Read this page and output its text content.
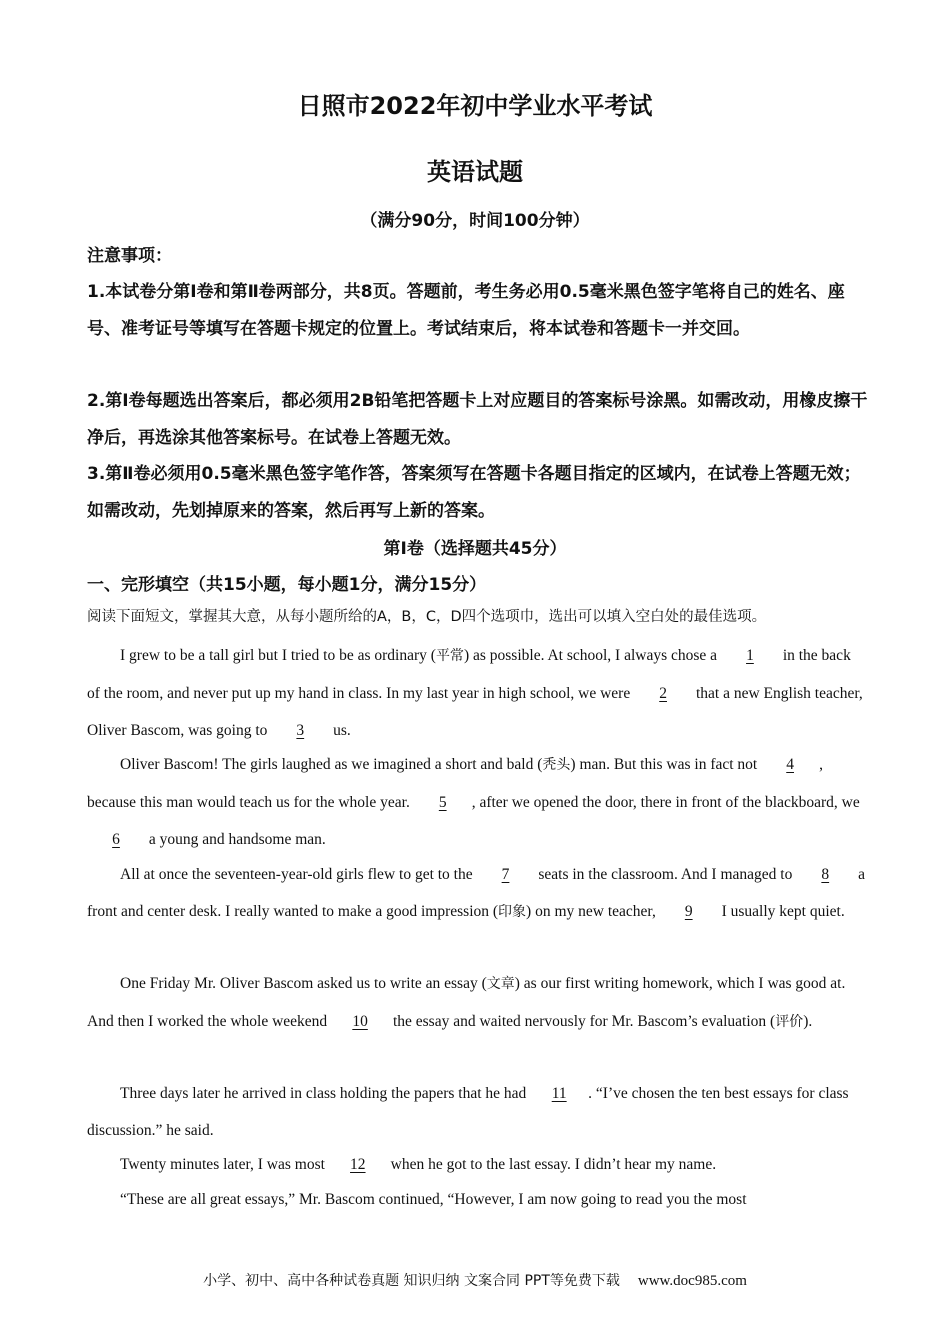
日照市2022年初中学业水平考试
英语试题
（满分90分，时间100分钟）
注意事项：

1.本试卷分第Ⅰ卷和第Ⅱ卷两部分，共8页。答题前，考生务必用0.5毫米黑色签字笔将自己的姓名、座号、准考证号等填写在答题卡规定的位置上。考试结束后，将本试卷和答题卡一并交回。

2.第Ⅰ卷每题选出答案后，都必须用2B铅笔把答题卡上对应题目的答案标号涂黑。如需改动，用橡皮擦干净后，再选涂其他答案标号。在试卷上答题无效。

3.第Ⅱ卷必须用0.5毫米黑色签字笔作答，答案须写在答题卡各题目指定的区域内，在试卷上答题无效；如需改动，先划掉原来的答案，然后再写上新的答案。

第Ⅰ卷（选择题共45分）
一、完形填空（共15小题，每小题1分，满分15分）
阅读下面短文，掌握其大意，从每小题所给的A，B，C，D四个选项巾，选出可以填入空白处的最佳选项。

I grew to be a tall girl but I tried to be as ordinary (平常) as possible. At school, I always chose a 1 in the back of the room, and never put up my hand in class. In my last year in high school, we were 2 that a new English teacher, Oliver Bascom, was going to 3 us.

Oliver Bascom! The girls laughed as we imagined a short and bald (秃头) man. But this was in fact not 4 , because this man would teach us for the whole year. 5 , after we opened the door, there in front of the blackboard, we 6 a young and handsome man.

All at once the seventeen-year-old girls flew to get to the 7 seats in the classroom. And I managed to 8 a front and center desk. I really wanted to make a good impression (印象) on my new teacher, 9 I usually kept quiet.

One Friday Mr. Oliver Bascom asked us to write an essay (文章) as our first writing homework, which I was good at. And then I worked the whole weekend 10 the essay and waited nervously for Mr. Bascom’s evaluation (评价).

Three days later he arrived in class holding the papers that he had 11 . “I’ve chosen the ten best essays for class discussion.” he said.

Twenty minutes later, I was most 12 when he got to the last essay. I didn’t hear my name.

“These are all great essays,” Mr. Bascom continued, “However, I am now going to read you the most

小学、初中、高中各种试卷真题 知识归纳 文案合同 PPT等免费下载 www.doc985.com
